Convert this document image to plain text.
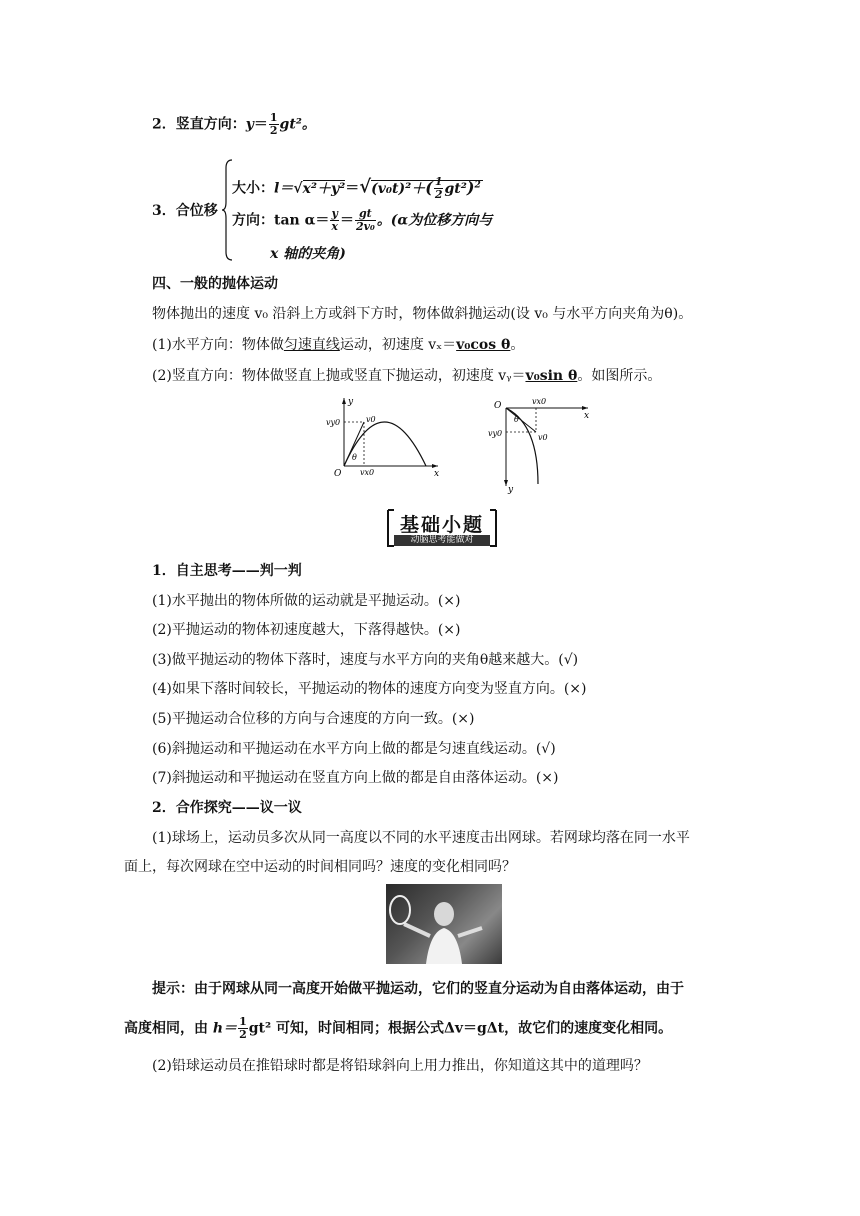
2．竖直方向：$y= \frac{1}{2} gt^2$。
3．合位移
大小：$l=√x^2+y^2=√(v_0t)^2+( \frac{1}{2} gt^2)^2$
方向：$\tan \alpha= \frac{y}{x} = \frac{gt}{\text{2v₀}}$ 。(α为位移方向与
x 轴的夹角)
四、一般的抛体运动
物体抛出的速度 v₀ 沿斜上方或斜下方时，物体做斜抛运动(设 v₀ 与水平方向夹角为θ)。
(1)水平方向：物体做匀速直线运动，初速度 vₓ＝v₀cos θ。
(2)竖直方向：物体做竖直上抛或竖直下抛运动，初速度 vᵧ＝v₀sin θ。如图所示。
y
x
O
vy0	v0
vx0
θ
O
x
y
vx0
vy0	v0
θ
基础小题
动脑思考能做对
1．自主思考——判一判
(1)水平抛出的物体所做的运动就是平抛运动。(×)
(2)平抛运动的物体初速度越大，下落得越快。(×)
(3)做平抛运动的物体下落时，速度与水平方向的夹角θ越来越大。(√)
(4)如果下落时间较长，平抛运动的物体的速度方向变为竖直方向。(×)
(5)平抛运动合位移的方向与合速度的方向一致。(×)
(6)斜抛运动和平抛运动在水平方向上做的都是匀速直线运动。(√)
(7)斜抛运动和平抛运动在竖直方向上做的都是自由落体运动。(×)
2．合作探究——议一议
(1)球场上，运动员多次从同一高度以不同的水平速度击出网球。若网球均落在同一水平
面上，每次网球在空中运动的时间相同吗？速度的变化相同吗？
提示：由于网球从同一高度开始做平抛运动，它们的竖直分运动为自由落体运动，由于
高度相同，由 $h= \frac{1}{2} gt^2$ 可知，时间相同；根据公式Δv＝gΔt，故它们的速度变化相同。
(2)铅球运动员在推铅球时都是将铅球斜向上用力推出，你知道这其中的道理吗？
